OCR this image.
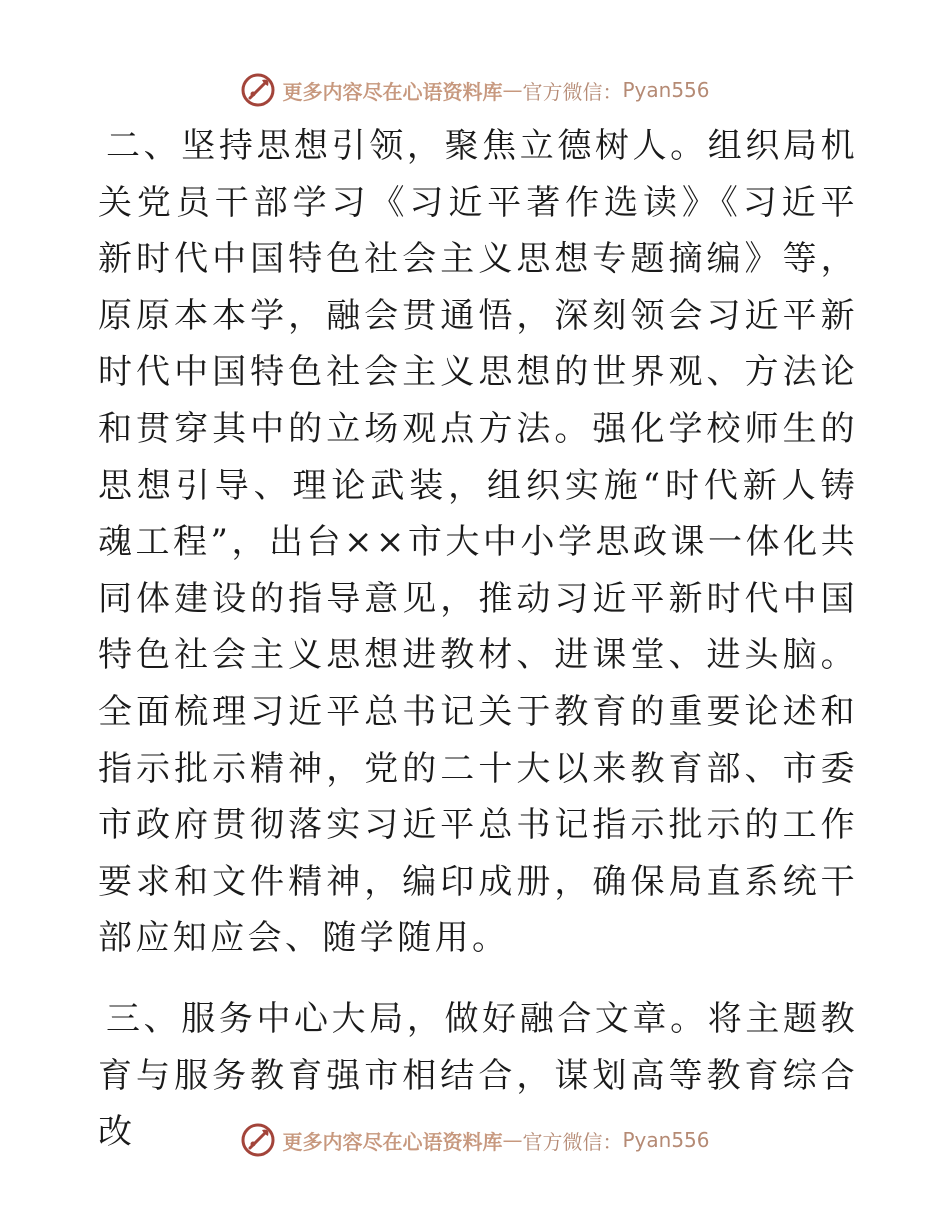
更多内容尽在心语资料库 — 官方微信： Pyan556

二、坚持思想引领，聚焦立德树人。组织局机关党员干部学习《习近平著作选读》《习近平新时代中国特色社会主义思想专题摘编》等，原原本本学，融会贯通悟，深刻领会习近平新时代中国特色社会主义思想的世界观、方法论和贯穿其中的立场观点方法。强化学校师生的思想引导、理论武装，组织实施“时代新人铸魂工程”，出台××市大中小学思政课一体化共同体建设的指导意见，推动习近平新时代中国特色社会主义思想进教材、进课堂、进头脑。全面梳理习近平总书记关于教育的重要论述和指示批示精神，党的二十大以来教育部、市委市政府贯彻落实习近平总书记指示批示的工作要求和文件精神，编印成册，确保局直系统干部应知应会、随学随用。

三、服务中心大局，做好融合文章。将主题教育与服务教育强市相结合，谋划高等教育综合改	更多内容尽在心语资料库 — 官方微信： Pyan556
